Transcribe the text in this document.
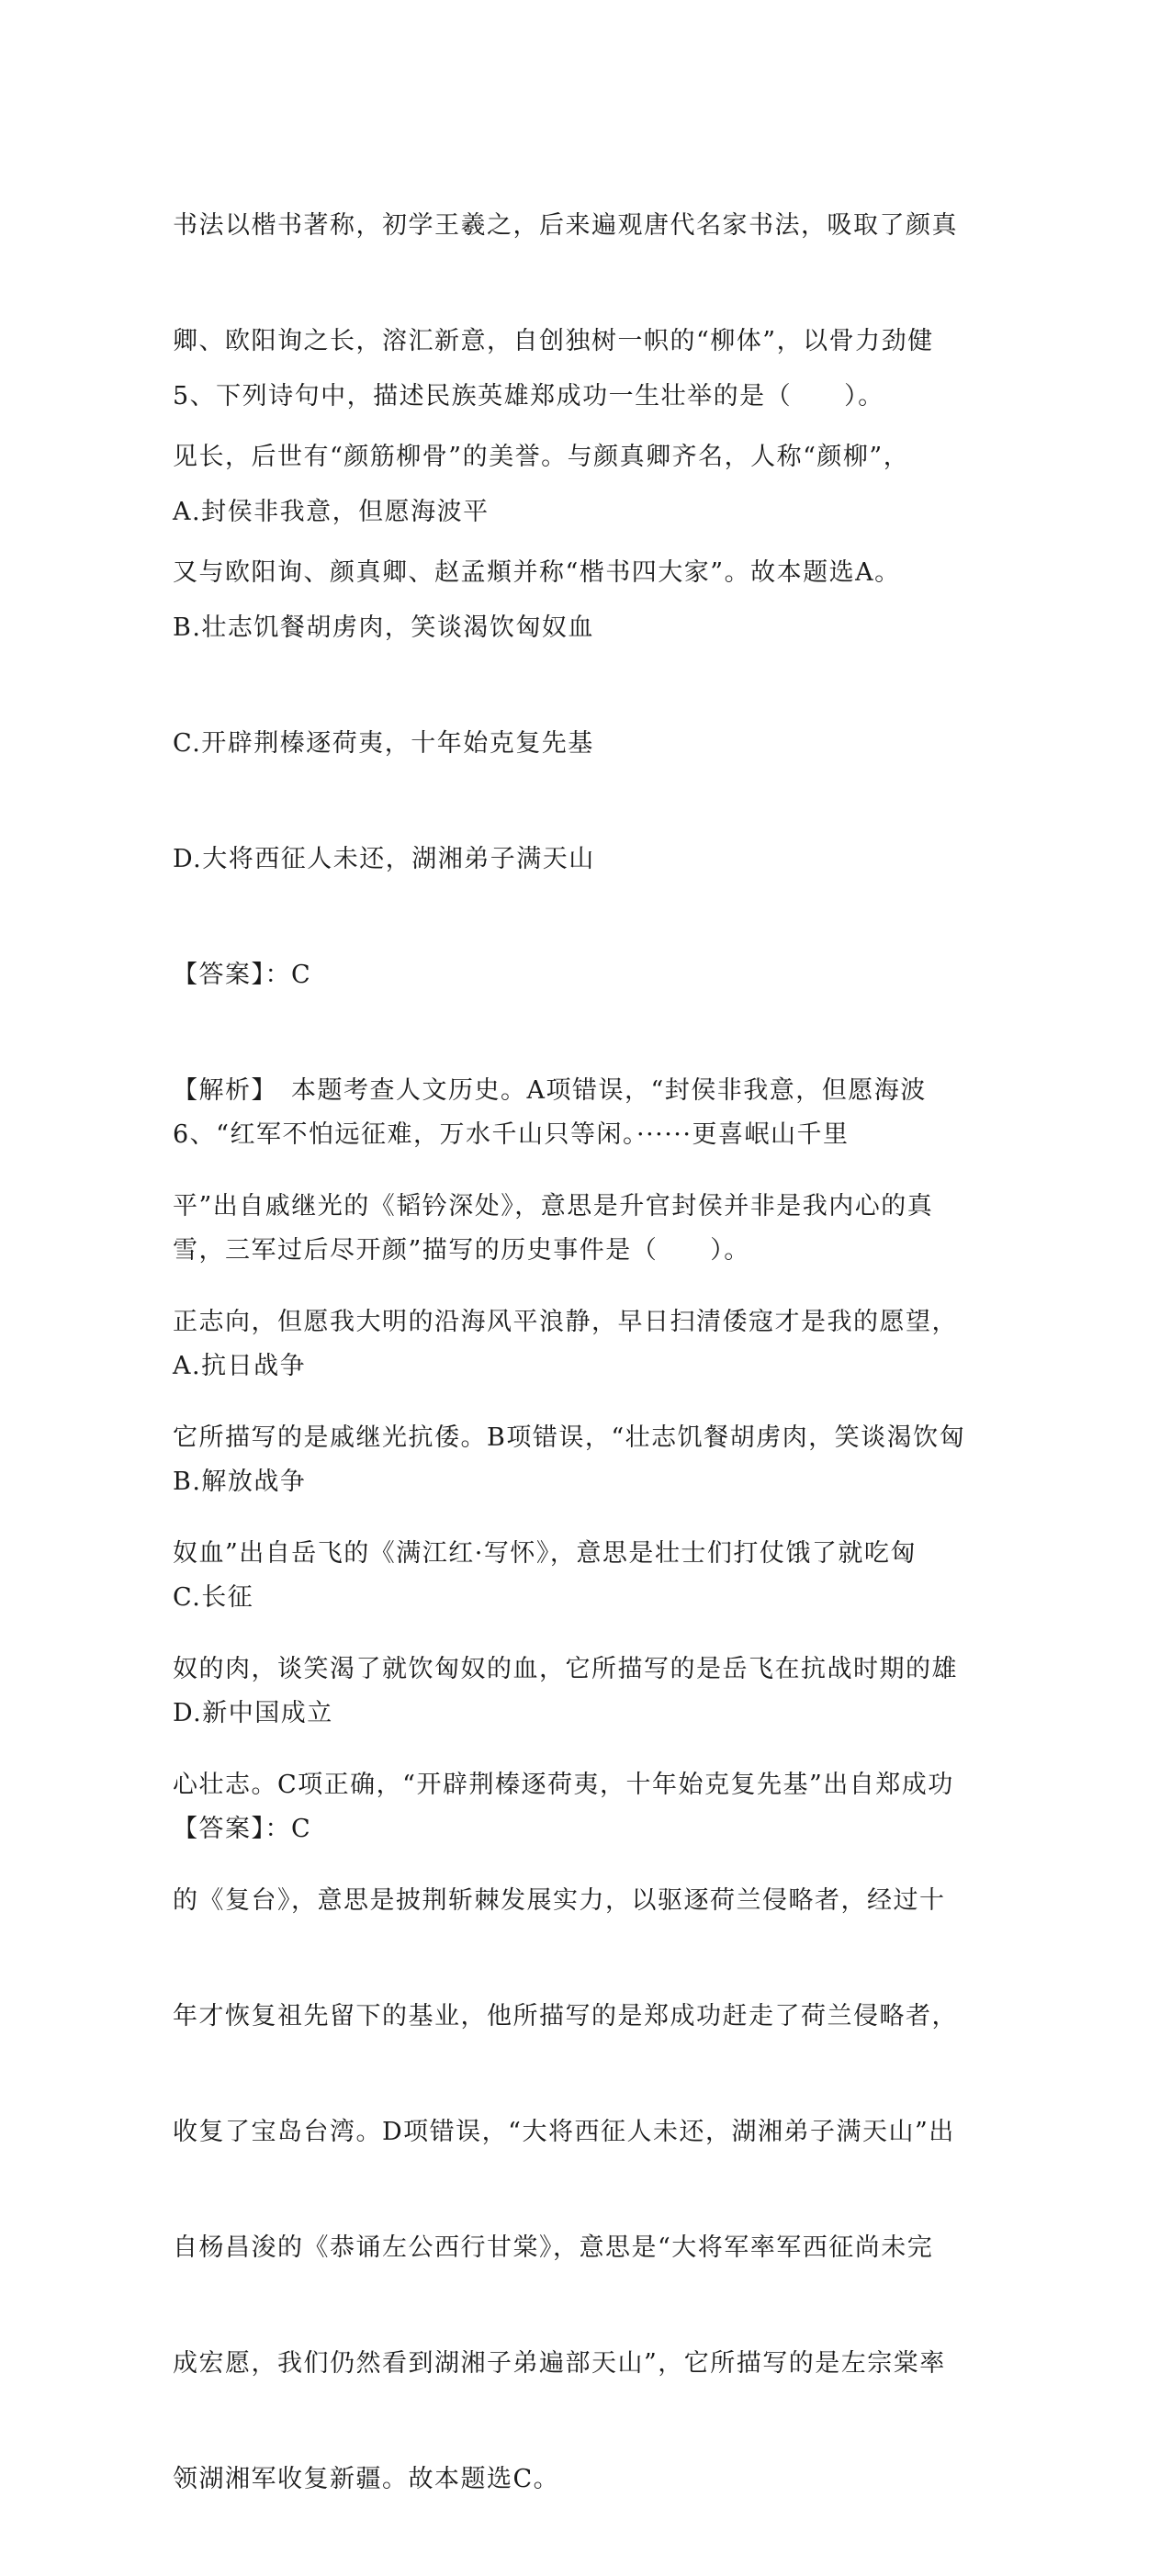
书法以楷书著称，初学王羲之，后来遍观唐代名家书法，吸取了颜真

卿、欧阳询之长，溶汇新意，自创独树一帜的“柳体”，以骨力劲健

见长，后世有“颜筋柳骨”的美誉。与颜真卿齐名，人称“颜柳”，

又与欧阳询、颜真卿、赵孟頫并称“楷书四大家”。故本题选A。

5、下列诗句中，描述民族英雄郑成功一生壮举的是（　　）。

A.封侯非我意，但愿海波平

B.壮志饥餐胡虏肉，笑谈渴饮匈奴血

C.开辟荆榛逐荷夷，十年始克复先基

D.大将西征人未还，湖湘弟子满天山

【答案】：C

【解析】　本题考查人文历史。A项错误，“封侯非我意，但愿海波

平”出自戚继光的《韬钤深处》，意思是升官封侯并非是我内心的真

正志向，但愿我大明的沿海风平浪静，早日扫清倭寇才是我的愿望，

它所描写的是戚继光抗倭。B项错误，“壮志饥餐胡虏肉，笑谈渴饮匈

奴血”出自岳飞的《满江红·写怀》，意思是壮士们打仗饿了就吃匈

奴的肉，谈笑渴了就饮匈奴的血，它所描写的是岳飞在抗战时期的雄

心壮志。C项正确，“开辟荆榛逐荷夷，十年始克复先基”出自郑成功

的《复台》，意思是披荆斩棘发展实力，以驱逐荷兰侵略者，经过十

年才恢复祖先留下的基业，他所描写的是郑成功赶走了荷兰侵略者，

收复了宝岛台湾。D项错误，“大将西征人未还，湖湘弟子满天山”出

自杨昌浚的《恭诵左公西行甘棠》，意思是“大将军率军西征尚未完

成宏愿，我们仍然看到湖湘子弟遍部天山”，它所描写的是左宗棠率

领湖湘军收复新疆。故本题选C。

6、“红军不怕远征难，万水千山只等闲。······更喜岷山千里

雪，三军过后尽开颜”描写的历史事件是（　　）。

A.抗日战争

B.解放战争

C.长征

D.新中国成立

【答案】：C
